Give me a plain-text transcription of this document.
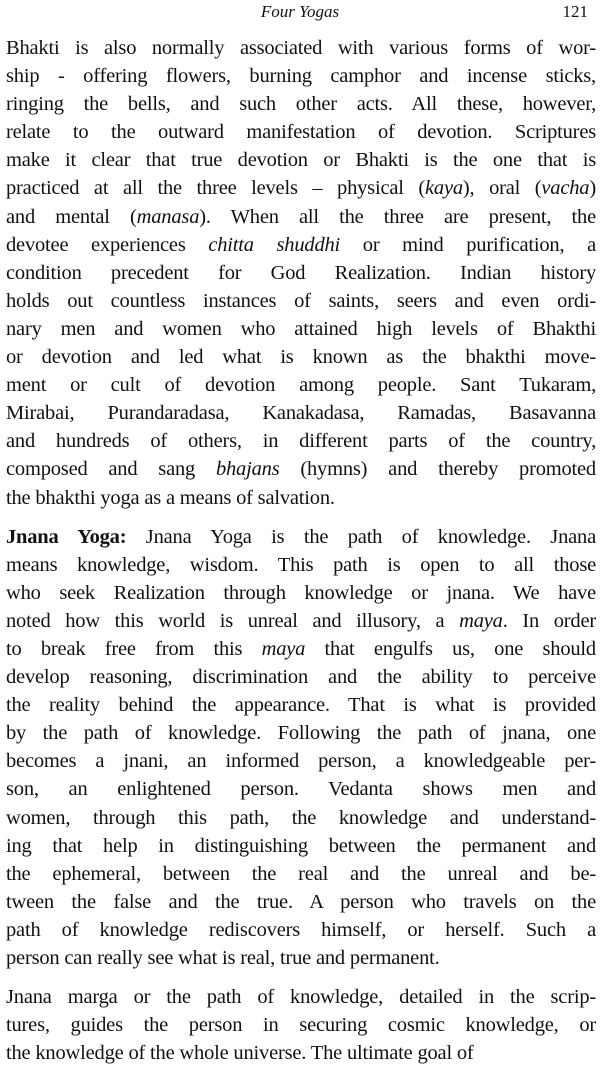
Four Yogas	121
Bhakti is also normally associated with various forms of wor-
ship - offering flowers, burning camphor and incense sticks,
ringing the bells, and such other acts. All these, however,
relate to the outward manifestation of devotion. Scriptures
make it clear that true devotion or Bhakti is the one that is
practiced at all the three levels – physical (kaya), oral (vacha)
and mental (manasa). When all the three are present, the
devotee experiences chitta shuddhi or mind purification, a
condition precedent for God Realization. Indian history
holds out countless instances of saints, seers and even ordi-
nary men and women who attained high levels of Bhakthi
or devotion and led what is known as the bhakthi move-
ment or cult of devotion among people. Sant Tukaram,
Mirabai, Purandaradasa, Kanakadasa, Ramadas, Basavanna
and hundreds of others, in different parts of the country,
composed and sang bhajans (hymns) and thereby promoted
the bhakthi yoga as a means of salvation.
Jnana Yoga: Jnana Yoga is the path of knowledge. Jnana
means knowledge, wisdom. This path is open to all those
who seek Realization through knowledge or jnana. We have
noted how this world is unreal and illusory, a maya. In order
to break free from this maya that engulfs us, one should
develop reasoning, discrimination and the ability to perceive
the reality behind the appearance. That is what is provided
by the path of knowledge. Following the path of jnana, one
becomes a jnani, an informed person, a knowledgeable per-
son, an enlightened person. Vedanta shows men and
women, through this path, the knowledge and understand-
ing that help in distinguishing between the permanent and
the ephemeral, between the real and the unreal and be-
tween the false and the true. A person who travels on the
path of knowledge rediscovers himself, or herself. Such a
person can really see what is real, true and permanent.
Jnana marga or the path of knowledge, detailed in the scrip-
tures, guides the person in securing cosmic knowledge, or
the knowledge of the whole universe. The ultimate goal of
